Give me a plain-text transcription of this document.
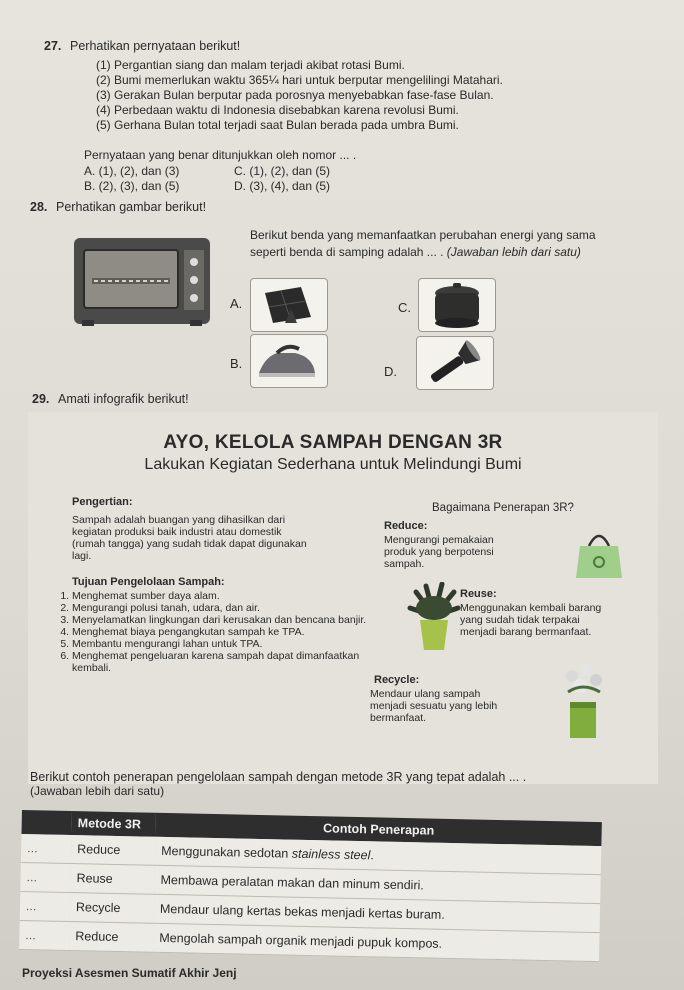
27. Perhatikan pernyataan berikut!

(1) Pergantian siang dan malam terjadi akibat rotasi Bumi.

(2) Bumi memerlukan waktu 365¼ hari untuk berputar mengelilingi Matahari.

(3) Gerakan Bulan berputar pada porosnya menyebabkan fase-fase Bulan.

(4) Perbedaan waktu di Indonesia disebabkan karena revolusi Bumi.

(5) Gerhana Bulan total terjadi saat Bulan berada pada umbra Bumi.

Pernyataan yang benar ditunjukkan oleh nomor ... .
A. (1), (2), dan (3)	C. (1), (2), dan (5)
B. (2), (3), dan (5)	D. (3), (4), dan (5)
28. Perhatikan gambar berikut!
Berikut benda yang memanfaatkan perubahan energi yang sama
seperti benda di samping adalah ... . (Jawaban lebih dari satu)
A.	C.
B.
D.
29. Amati infografik berikut!
AYO, KELOLA SAMPAH DENGAN 3R
Lakukan Kegiatan Sederhana untuk Melindungi Bumi
Pengertian:
Sampah adalah buangan yang dihasilkan dari
kegiatan produksi baik industri atau domestik
(rumah tangga) yang sudah tidak dapat digunakan
lagi.
Tujuan Pengelolaan Sampah:
1. Menghemat sumber daya alam.
2. Mengurangi polusi tanah, udara, dan air.
3. Menyelamatkan lingkungan dari kerusakan dan bencana banjir.
4. Menghemat biaya pengangkutan sampah ke TPA.
5. Membantu mengurangi lahan untuk TPA.
6. Menghemat pengeluaran karena sampah dapat dimanfaatkan kembali.
Bagaimana Penerapan 3R?
Reduce:
Mengurangi pemakaian
produk yang berpotensi
sampah.
Reuse:
Menggunakan kembali barang
yang sudah tidak terpakai
menjadi barang bermanfaat.
Recycle:
Mendaur ulang sampah
menjadi sesuatu yang lebih
bermanfaat.
Berikut contoh penerapan pengelolaan sampah dengan metode 3R yang tepat adalah ... .
(Jawaban lebih dari satu)
	Metode 3R	Contoh Penerapan
...	Reduce	Menggunakan sedotan stainless steel.
...	Reuse	Membawa peralatan makan dan minum sendiri.
...	Recycle	Mendaur ulang kertas bekas menjadi kertas buram.
...	Reduce	Mengolah sampah organik menjadi pupuk kompos.
Proyeksi Asesmen Sumatif Akhir Jenj
